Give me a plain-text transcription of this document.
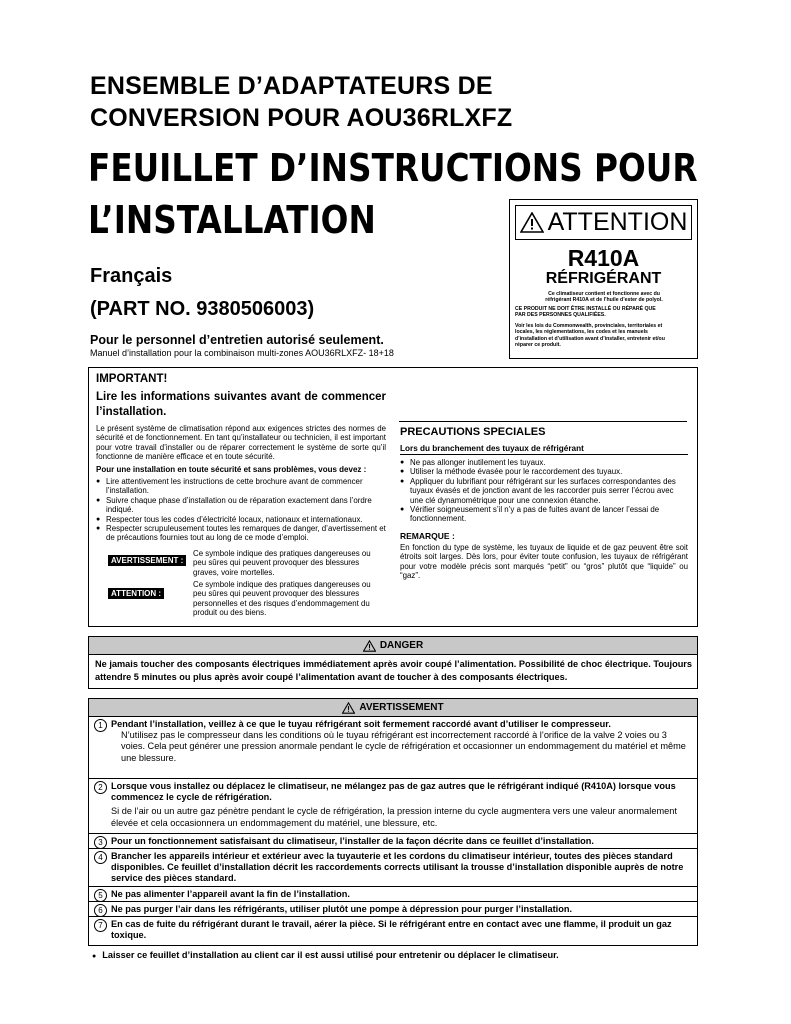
ENSEMBLE D’ADAPTATEURS DE
CONVERSION POUR AOU36RLXFZ
FEUILLET D’INSTRUCTIONS POUR
L’INSTALLATION
Français
(PART NO. 9380506003)
Pour le personnel d’entretien autorisé seulement.
Manuel d’installation pour la combinaison multi-zones AOU36RLXFZ- 18+18
ATTENTION
R410A
RÉFRIGÉRANT
Ce climatiseur contient et fonctionne avec du
réfrigérant R410A et de l’huile d’ester de polyol.
CE PRODUIT NE DOIT ÊTRE INSTALLÉ OU RÉPARÉ QUE
PAR DES PERSONNES QUALIFIÉES.
Voir les lois du Commonwealth, provinciales, territoriales et
locales, les réglementations, les codes et les manuels
d’installation et d’utilisation avant d’installer, entretenir et/ou
réparer ce produit.
IMPORTANT!
Lire les informations suivantes avant de commencer l’installation.
Le présent système de climatisation répond aux exigences strictes des normes de sécurité et de fonctionnement. En tant qu’installateur ou technicien, il est important pour votre travail d’installer ou de réparer correctement le système de sorte qu’il fonctionne de manière efficace et en toute sécurité.
Pour une installation en toute sécurité et sans problèmes, vous devez :
● Lire attentivement les instructions de cette brochure avant de commencer l’installation.
● Suivre chaque phase d’installation ou de réparation exactement dans l’ordre indiqué.
● Respecter tous les codes d’électricité locaux, nationaux et internationaux.
● Respecter scrupuleusement toutes les remarques de danger, d’avertissement et de précautions fournies tout au long de ce mode d’emploi.
AVERTISSEMENT :
Ce symbole indique des pratiques dangereuses ou peu sûres qui peuvent provoquer des blessures graves, voire mortelles.
ATTENTION :
Ce symbole indique des pratiques dangereuses ou peu sûres qui peuvent provoquer des blessures personnelles et des risques d’endommagement du produit ou des biens.
PRECAUTIONS SPECIALES
Lors du branchement des tuyaux de réfrigérant
● Ne pas allonger inutilement les tuyaux.
● Utiliser la méthode évasée pour le raccordement des tuyaux.
● Appliquer du lubrifiant pour réfrigérant sur les surfaces correspondantes des tuyaux évasés et de jonction avant de les raccorder puis serrer l’écrou avec une clé dynamométrique pour une connexion étanche.
● Vérifier soigneusement s’il n’y a pas de fuites avant de lancer l’essai de fonctionnement.
REMARQUE :
En fonction du type de système, les tuyaux de liquide et de gaz peuvent être soit étroits soit larges. Dès lors, pour éviter toute confusion, les tuyaux de réfrigérant pour votre modèle précis sont marqués “petit” ou “gros” plutôt que “liquide” ou “gaz”.
DANGER
Ne jamais toucher des composants électriques immédiatement après avoir coupé l’alimentation. Possibilité de choc électrique. Toujours attendre 5 minutes ou plus après avoir coupé l’alimentation avant de toucher à des composants électriques.
AVERTISSEMENT
1 Pendant l’installation, veillez à ce que le tuyau réfrigérant soit fermement raccordé avant d’utiliser le compresseur.
N’utilisez pas le compresseur dans les conditions où le tuyau réfrigérant est incorrectement raccordé à l’orifice de la valve 2 voies ou 3 voies. Cela peut générer une pression anormale pendant le cycle de réfrigération et occasionner un endommagement du matériel et même une blessure.
2 Lorsque vous installez ou déplacez le climatiseur, ne mélangez pas de gaz autres que le réfrigérant indiqué (R410A) lorsque vous commencez le cycle de réfrigération.
Si de l’air ou un autre gaz pénètre pendant le cycle de réfrigération, la pression interne du cycle augmentera vers une valeur anormalement élevée et cela occasionnera un endommagement du matériel, une blessure, etc.
3 Pour un fonctionnement satisfaisant du climatiseur, l’installer de la façon décrite dans ce feuillet d’installation.
4 Brancher les appareils intérieur et extérieur avec la tuyauterie et les cordons du climatiseur intérieur, toutes des pièces standard disponibles. Ce feuillet d’installation décrit les raccordements corrects utilisant la trousse d’installation disponible auprès de notre service des pièces standard.
5 Ne pas alimenter l’appareil avant la fin de l’installation.
6 Ne pas purger l’air dans les réfrigérants, utiliser plutôt une pompe à dépression pour purger l’installation.
7 En cas de fuite du réfrigérant durant le travail, aérer la pièce. Si le réfrigérant entre en contact avec une flamme, il produit un gaz toxique.
● Laisser ce feuillet d’installation au client car il est aussi utilisé pour entretenir ou déplacer le climatiseur.
